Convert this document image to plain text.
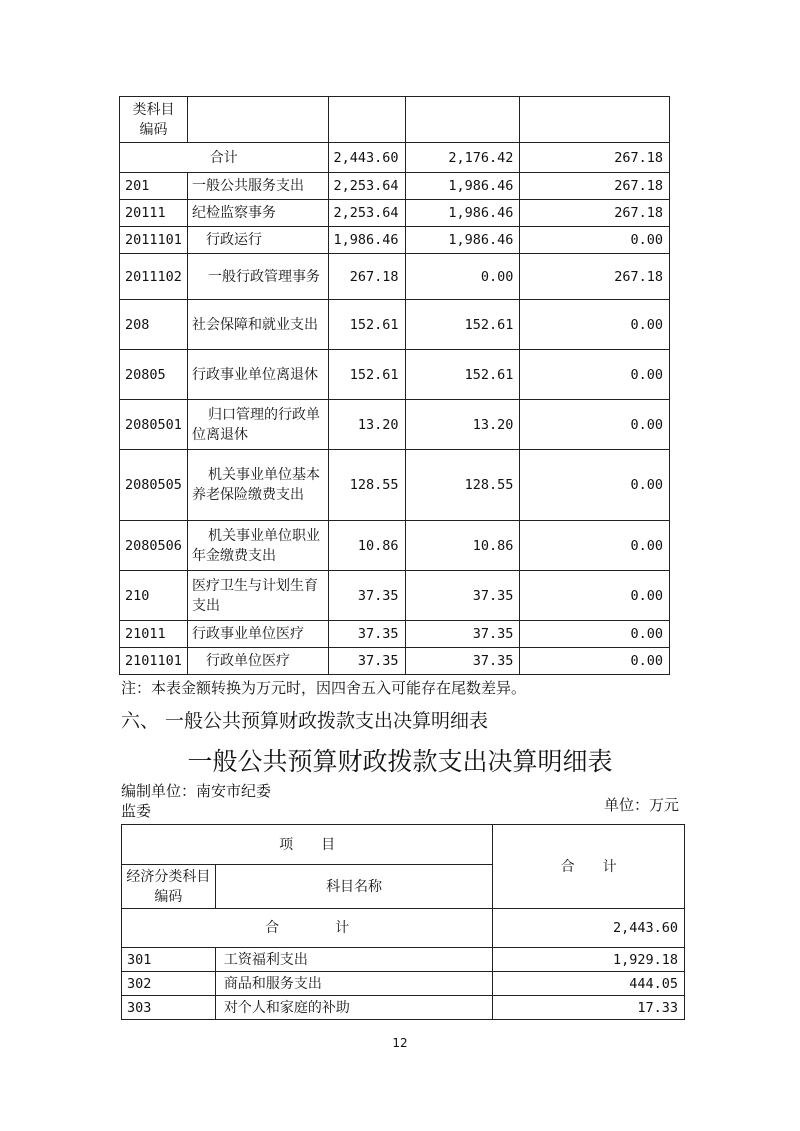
类科目编码				
合计		2,443.60	2,176.42	267.18
201	一般公共服务支出	2,253.64	1,986.46	267.18
20111	纪检监察事务	2,253.64	1,986.46	267.18
2011101	行政运行	1,986.46	1,986.46	0.00
2011102	一般行政管理事务	267.18	0.00	267.18
208	社会保障和就业支出	152.61	152.61	0.00
20805	行政事业单位离退休	152.61	152.61	0.00
2080501	归口管理的行政单位离退休	13.20	13.20	0.00
2080505	机关事业单位基本养老保险缴费支出	128.55	128.55	0.00
2080506	机关事业单位职业年金缴费支出	10.86	10.86	0.00
210	医疗卫生与计划生育支出	37.35	37.35	0.00
21011	行政事业单位医疗	37.35	37.35	0.00
2101101	行政单位医疗	37.35	37.35	0.00
注：本表金额转换为万元时，因四舍五入可能存在尾数差异。
六、 一般公共预算财政拨款支出决算明细表
一般公共预算财政拨款支出决算明细表
编制单位：南安市纪委监委	单位：万元
项　　目		合　　计
经济分类科目编码	科目名称	
合　　　　计		2,443.60
301	工资福利支出	1,929.18
302	商品和服务支出	444.05
303	对个人和家庭的补助	17.33
12
